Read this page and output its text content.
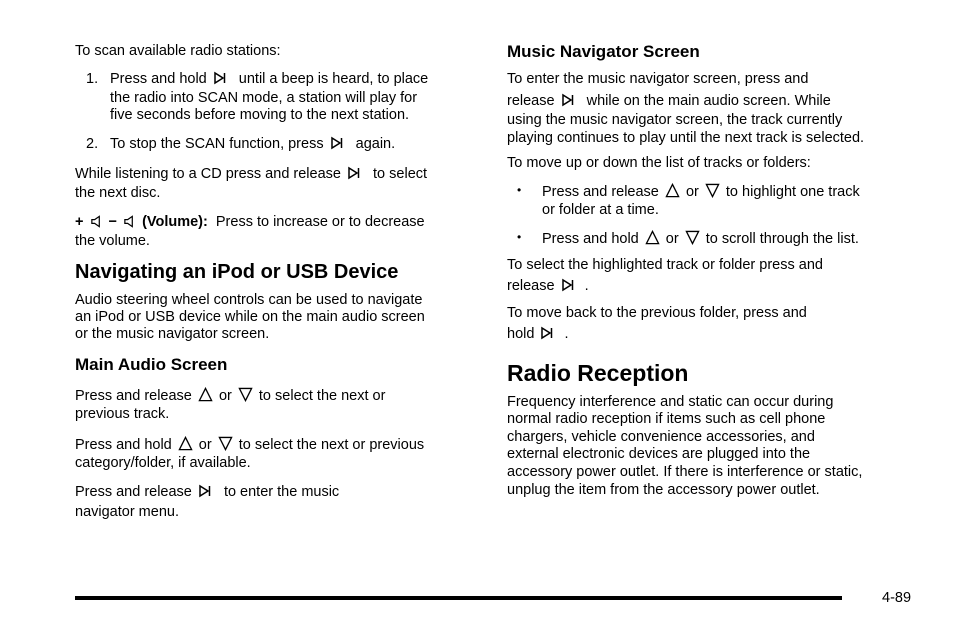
To scan available radio stations:
1. Press and hold until a beep is heard, to place
the radio into SCAN mode, a station will play for
five seconds before moving to the next station.
2. To stop the SCAN function, press again.
While listening to a CD press and release to select
the next disc.
+ − (Volume): Press to increase or to decrease
the volume.
Navigating an iPod or USB Device
Audio steering wheel controls can be used to navigate
an iPod or USB device while on the main audio screen
or the music navigator screen.
Main Audio Screen
Press and release or to select the next or
previous track.
Press and hold or to select the next or previous
category/folder, if available.
Press and release to enter the music
navigator menu.
Music Navigator Screen
To enter the music navigator screen, press and
release while on the main audio screen. While
using the music navigator screen, the track currently
playing continues to play until the next track is selected.
To move up or down the list of tracks or folders:
• Press and release or to highlight one track
or folder at a time.
• Press and hold or to scroll through the list.
To select the highlighted track or folder press and
release .
To move back to the previous folder, press and
hold .
Radio Reception
Frequency interference and static can occur during
normal radio reception if items such as cell phone
chargers, vehicle convenience accessories, and
external electronic devices are plugged into the
accessory power outlet. If there is interference or static,
unplug the item from the accessory power outlet.
4-89
